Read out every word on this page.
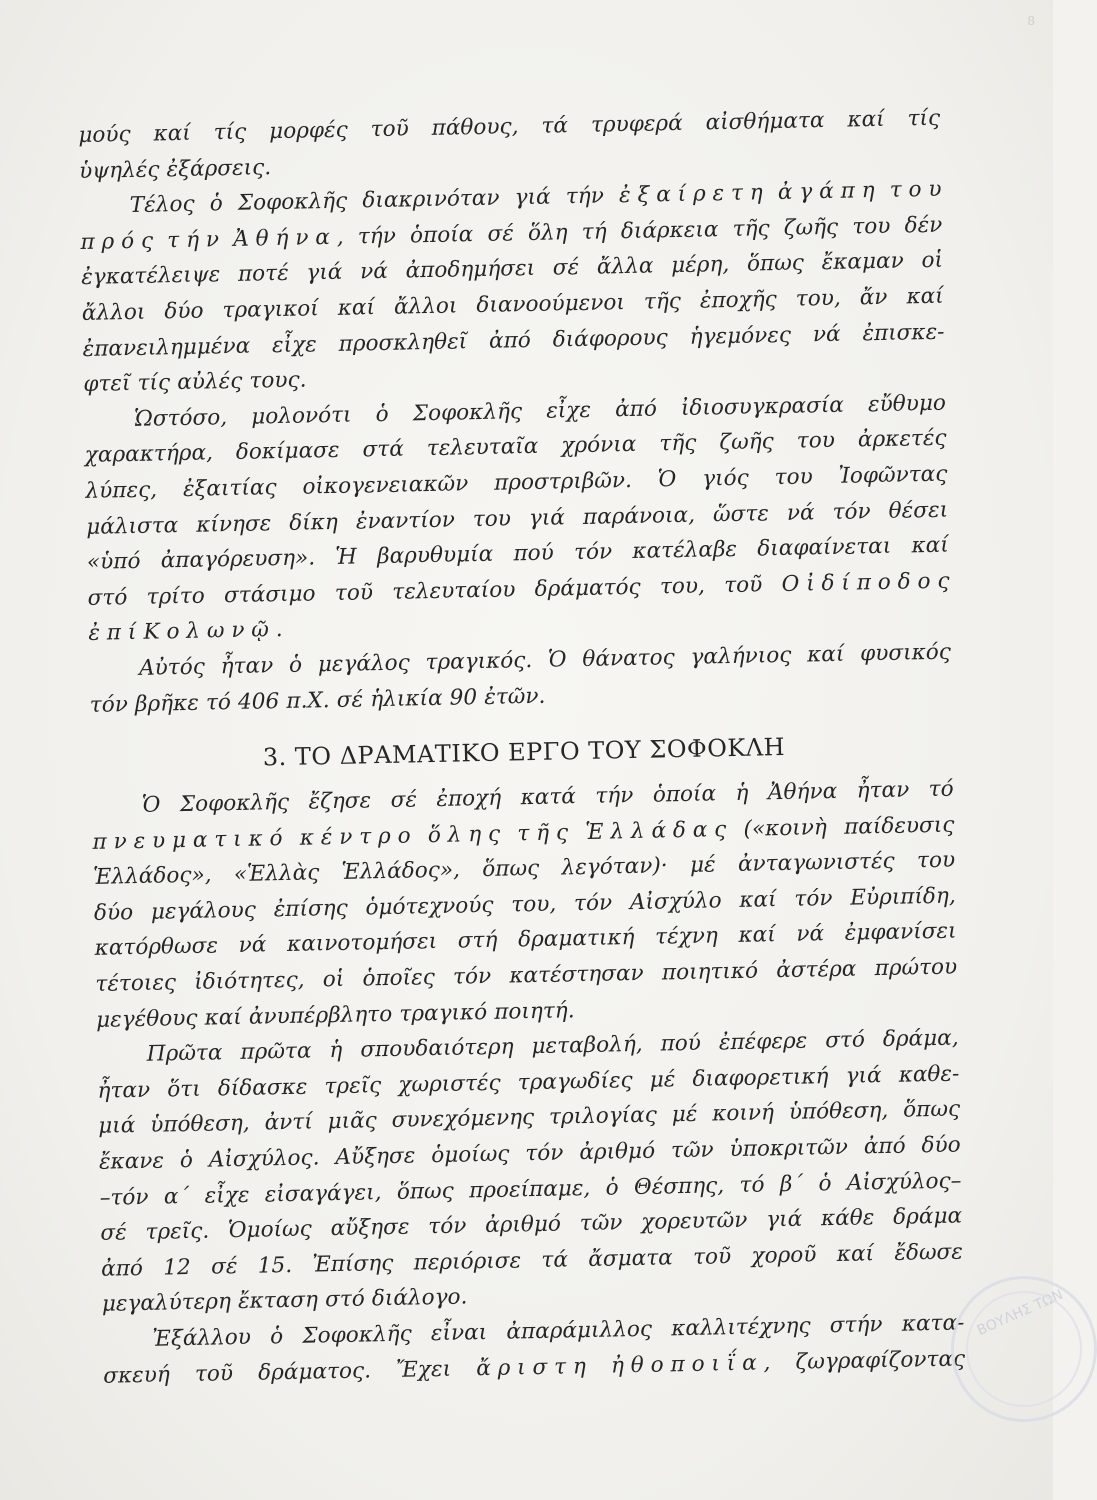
8
μούς καί τίς μορφές τοῦ πάθους, τά τρυφερά αἰσθήματα καί τίς
ὑψηλές ἐξάρσεις.
Τέλος ὁ Σοφοκλῆς διακρινόταν γιά τήν ἐ ξ α ί ρ ε τ η ἀ γ ά π η τ ο υ
π ρ ό ς τ ή ν Ἀ θ ή ν α , τήν ὁποία σέ ὅλη τή διάρκεια τῆς ζωῆς του δέν
ἐγκατέλειψε ποτέ γιά νά ἀποδημήσει σέ ἄλλα μέρη, ὅπως ἔκαμαν οἱ
ἄλλοι δύο τραγικοί καί ἄλλοι διανοούμενοι τῆς ἐποχῆς του, ἄν καί
ἐπανειλημμένα εἶχε προσκληθεῖ ἀπό διάφορους ἡγεμόνες νά ἐπισκε-
φτεῖ τίς αὐλές τους.
Ὡστόσο, μολονότι ὁ Σοφοκλῆς εἶχε ἀπό ἰδιοσυγκρασία εὔθυμο
χαρακτήρα, δοκίμασε στά τελευταῖα χρόνια τῆς ζωῆς του ἀρκετές
λύπες, ἐξαιτίας οἰκογενειακῶν προστριβῶν. Ὁ γιός του Ἰοφῶντας
μάλιστα κίνησε δίκη ἐναντίον του γιά παράνοια, ὥστε νά τόν θέσει
«ὑπό ἀπαγόρευση». Ἡ βαρυθυμία πού τόν κατέλαβε διαφαίνεται καί
στό τρίτο στάσιμο τοῦ τελευταίου δράματός του, τοῦ Ο ἰ δ ί π ο δ ο ς
ἐ π ί Κ ο λ ω ν ῷ .
Αὐτός ἦταν ὁ μεγάλος τραγικός. Ὁ θάνατος γαλήνιος καί φυσικός
τόν βρῆκε τό 406 π.Χ. σέ ἡλικία 90 ἐτῶν.
3. ΤΟ ΔΡΑΜΑΤΙΚΟ ΕΡΓΟ ΤΟΥ ΣΟΦΟΚΛΗ
Ὁ Σοφοκλῆς ἔζησε σέ ἐποχή κατά τήν ὁποία ἡ Ἀθήνα ἦταν τό
π ν ε υ μ α τ ι κ ό κ έ ν τ ρ ο ὅ λ η ς τ ῆ ς Ἑ λ λ ά δ α ς («κοινὴ παίδευσις
Ἑλλάδος», «Ἑλλὰς Ἑλλάδος», ὅπως λεγόταν)· μέ ἀνταγωνιστές του
δύο μεγάλους ἐπίσης ὁμότεχνούς του, τόν Αἰσχύλο καί τόν Εὐριπίδη,
κατόρθωσε νά καινοτομήσει στή δραματική τέχνη καί νά ἐμφανίσει
τέτοιες ἰδιότητες, οἱ ὁποῖες τόν κατέστησαν ποιητικό ἀστέρα πρώτου
μεγέθους καί ἀνυπέρβλητο τραγικό ποιητή.
Πρῶτα πρῶτα ἡ σπουδαιότερη μεταβολή, πού ἐπέφερε στό δράμα,
ἦταν ὅτι δίδασκε τρεῖς χωριστές τραγωδίες μέ διαφορετική γιά καθε-
μιά ὑπόθεση, ἀντί μιᾶς συνεχόμενης τριλογίας μέ κοινή ὑπόθεση, ὅπως
ἔκανε ὁ Αἰσχύλος. Αὔξησε ὁμοίως τόν ἀριθμό τῶν ὑποκριτῶν ἀπό δύο
–τόν α΄ εἶχε εἰσαγάγει, ὅπως προείπαμε, ὁ Θέσπης, τό β΄ ὁ Αἰσχύλος–
σέ τρεῖς. Ὁμοίως αὔξησε τόν ἀριθμό τῶν χορευτῶν γιά κάθε δράμα
ἀπό 12 σέ 15. Ἐπίσης περιόρισε τά ἄσματα τοῦ χοροῦ καί ἔδωσε
μεγαλύτερη ἔκταση στό διάλογο.
Ἐξάλλου ὁ Σοφοκλῆς εἶναι ἀπαράμιλλος καλλιτέχνης στήν κατα-
σκευή τοῦ δράματος. Ἔχει ἄ ρ ι σ τ η ἠ θ ο π ο ι ΐ α , ζωγραφίζοντας
ΒΟΥΛΗΣ ΤΩΝ
